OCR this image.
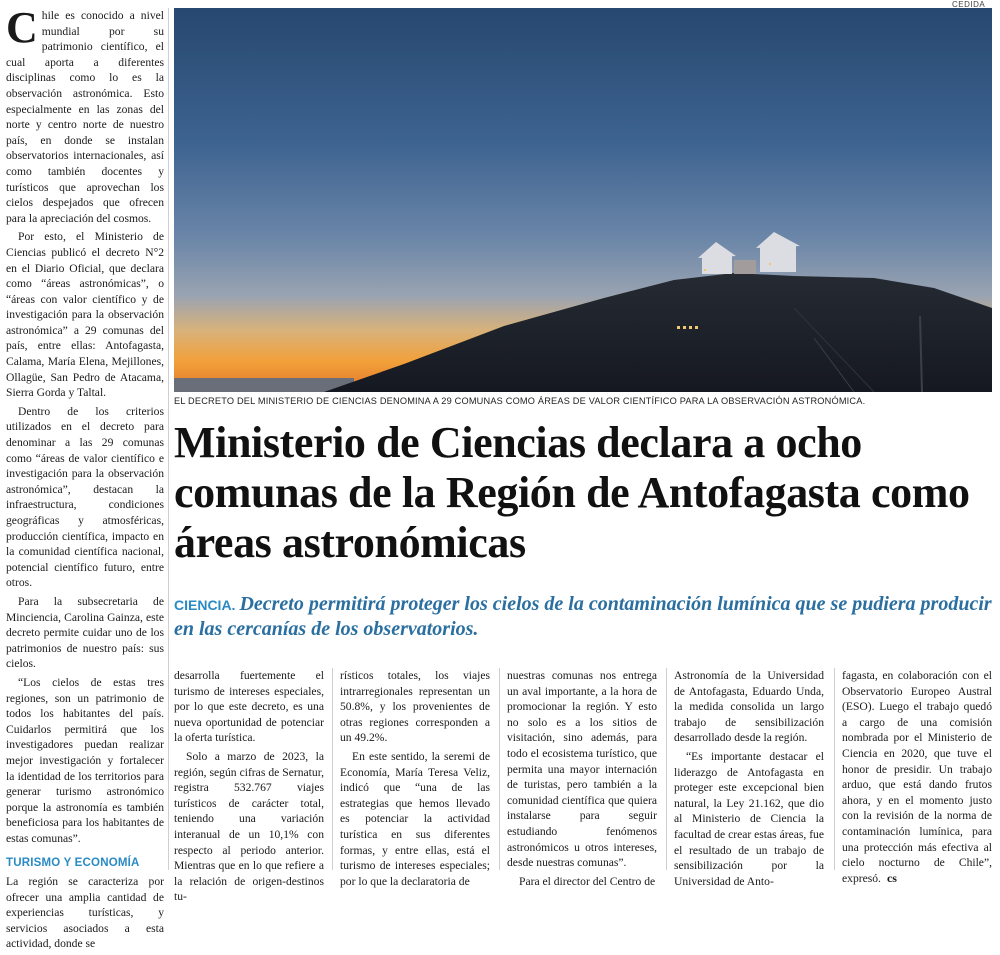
Chile es conocido a nivel mundial por su patrimonio científico, el cual aporta a diferentes disciplinas como lo es la observación astronómica. Esto especialmente en las zonas del norte y centro norte de nuestro país, en donde se instalan observatorios internacionales, así como también docentes y turísticos que aprovechan los cielos despejados que ofrecen para la apreciación del cosmos.

Por esto, el Ministerio de Ciencias publicó el decreto N°2 en el Diario Oficial, que declara como “áreas astronómicas”, o “áreas con valor científico y de investigación para la observación astronómica” a 29 comunas del país, entre ellas: Antofagasta, Calama, María Elena, Mejillones, Ollagüe, San Pedro de Atacama, Sierra Gorda y Taltal.

Dentro de los criterios utilizados en el decreto para denominar a las 29 comunas como “áreas de valor científico e investigación para la observación astronómica”, destacan la infraestructura, condiciones geográficas y atmosféricas, producción científica, impacto en la comunidad científica nacional, potencial científico futuro, entre otros.

Para la subsecretaria de Minciencia, Carolina Gainza, este decreto permite cuidar uno de los patrimonios de nuestro país: sus cielos.

“Los cielos de estas tres regiones, son un patrimonio de todos los habitantes del país. Cuidarlos permitirá que los investigadores puedan realizar mejor investigación y fortalecer la identidad de los territorios para generar turismo astronómico porque la astronomía es también beneficiosa para los habitantes de estas comunas”.

TURISMO Y ECONOMÍA

La región se caracteriza por ofrecer una amplia cantidad de experiencias turísticas, y servicios asociados a esta actividad, donde se

CEDIDA
EL DECRETO DEL MINISTERIO DE CIENCIAS DENOMINA A 29 COMUNAS COMO ÁREAS DE VALOR CIENTÍFICO PARA LA OBSERVACIÓN ASTRONÓMICA.
Ministerio de Ciencias declara a ocho comunas de la Región de Antofagasta como áreas astronómicas
CIENCIA. Decreto permitirá proteger los cielos de la contaminación lumínica que se pudiera producir en las cercanías de los observatorios.

desarrolla fuertemente el turismo de intereses especiales, por lo que este decreto, es una nueva oportunidad de potenciar la oferta turística.

Solo a marzo de 2023, la región, según cifras de Sernatur, registra 532.767 viajes turísticos de carácter total, teniendo una variación interanual de un 10,1% con respecto al periodo anterior. Mientras que en lo que refiere a la relación de origen-destinos tu-

rísticos totales, los viajes intrarregionales representan un 50.8%, y los provenientes de otras regiones corresponden a un 49.2%.

En este sentido, la seremi de Economía, María Teresa Veliz, indicó que “una de las estrategias que hemos llevado es potenciar la actividad turística en sus diferentes formas, y entre ellas, está el turismo de intereses especiales; por lo que la declaratoria de

nuestras comunas nos entrega un aval importante, a la hora de promocionar la región. Y esto no solo es a los sitios de visitación, sino además, para todo el ecosistema turístico, que permita una mayor internación de turistas, pero también a la comunidad científica que quiera instalarse para seguir estudiando fenómenos astronómicos u otros intereses, desde nuestras comunas”.

Para el director del Centro de

Astronomía de la Universidad de Antofagasta, Eduardo Unda, la medida consolida un largo trabajo de sensibilización desarrollado desde la región.

“Es importante destacar el liderazgo de Antofagasta en proteger este excepcional bien natural, la Ley 21.162, que dio al Ministerio de Ciencia la facultad de crear estas áreas, fue el resultado de un trabajo de sensibilización por la Universidad de Anto-

fagasta, en colaboración con el Observatorio Europeo Austral (ESO). Luego el trabajo quedó a cargo de una comisión nombrada por el Ministerio de Ciencia en 2020, que tuve el honor de presidir. Un trabajo arduo, que está dando frutos ahora, y en el momento justo con la revisión de la norma de contaminación lumínica, para una protección más efectiva al cielo nocturno de Chile”, expresó. cs
